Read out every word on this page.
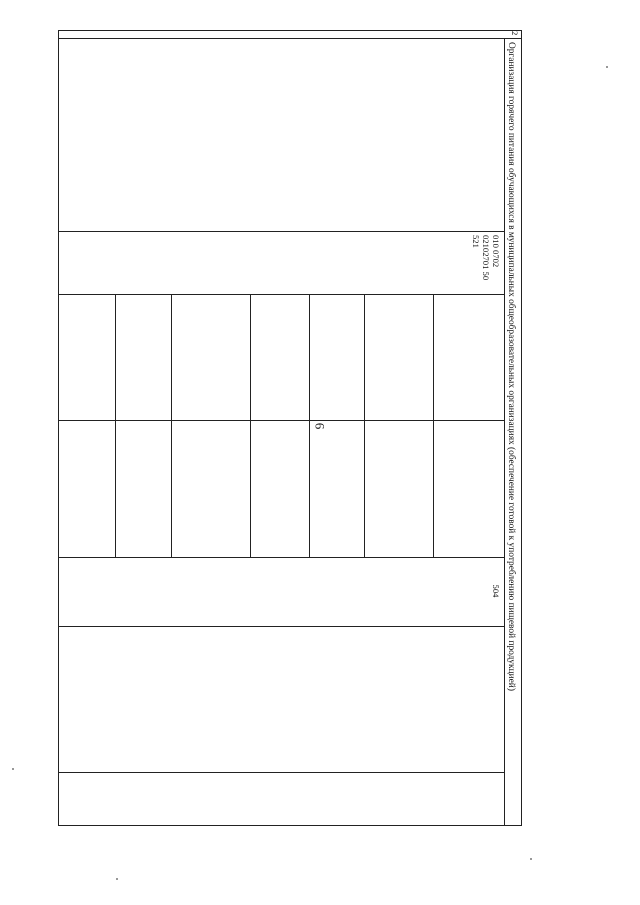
6
2
Организация горячего питания обучающихся в муниципальных общеобразовательных организациях (обеспечение готовой к употреблению пищевой продукцией)
010 0702 02102701 50 521
504
